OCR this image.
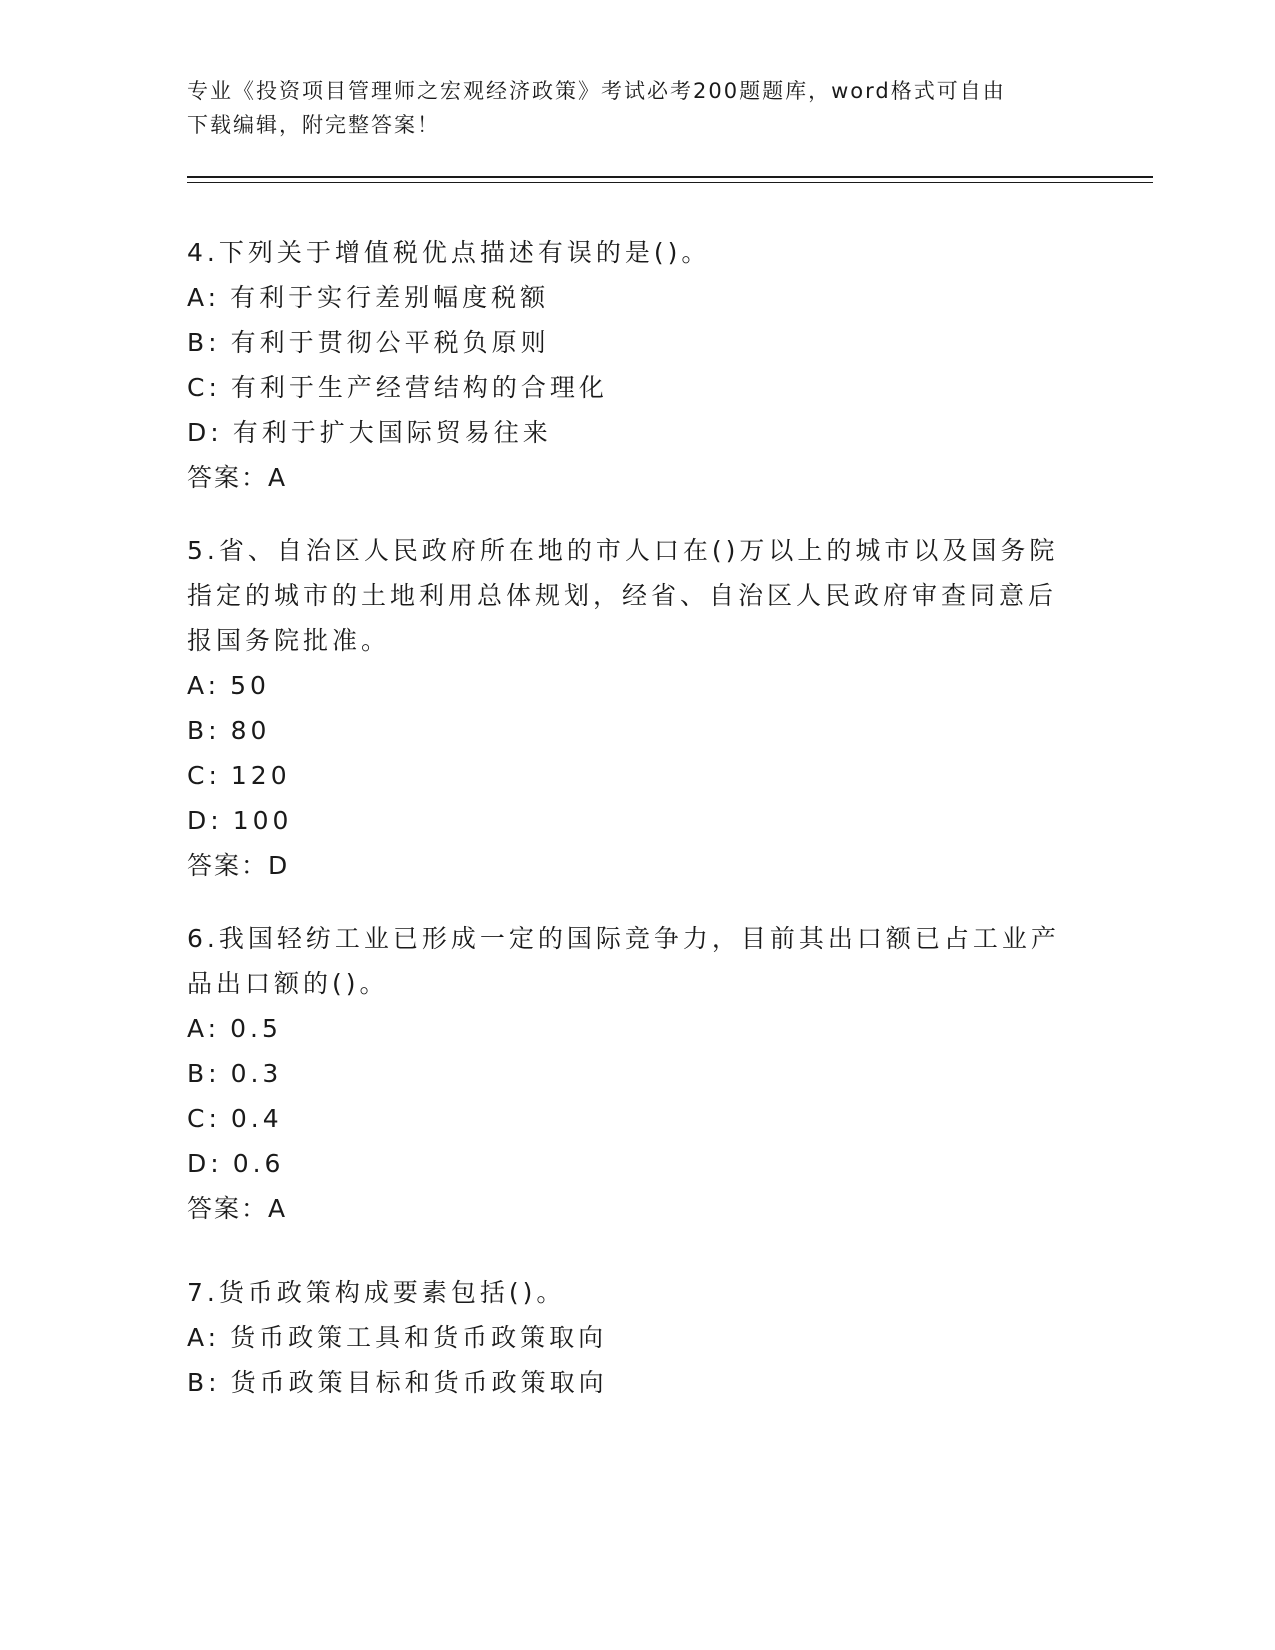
专业《投资项目管理师之宏观经济政策》考试必考200题题库，word格式可自由
下载编辑，附完整答案！

4.下列关于增值税优点描述有误的是()。

A: 有利于实行差别幅度税额

B: 有利于贯彻公平税负原则

C: 有利于生产经营结构的合理化

D: 有利于扩大国际贸易往来

答案：A

5.省、自治区人民政府所在地的市人口在()万以上的城市以及国务院

指定的城市的土地利用总体规划，经省、自治区人民政府审查同意后

报国务院批准。

A: 50

B: 80

C: 120

D: 100

答案：D

6.我国轻纺工业已形成一定的国际竞争力，目前其出口额已占工业产

品出口额的()。

A: 0.5

B: 0.3

C: 0.4

D: 0.6

答案：A

7.货币政策构成要素包括()。

A: 货币政策工具和货币政策取向

B: 货币政策目标和货币政策取向
